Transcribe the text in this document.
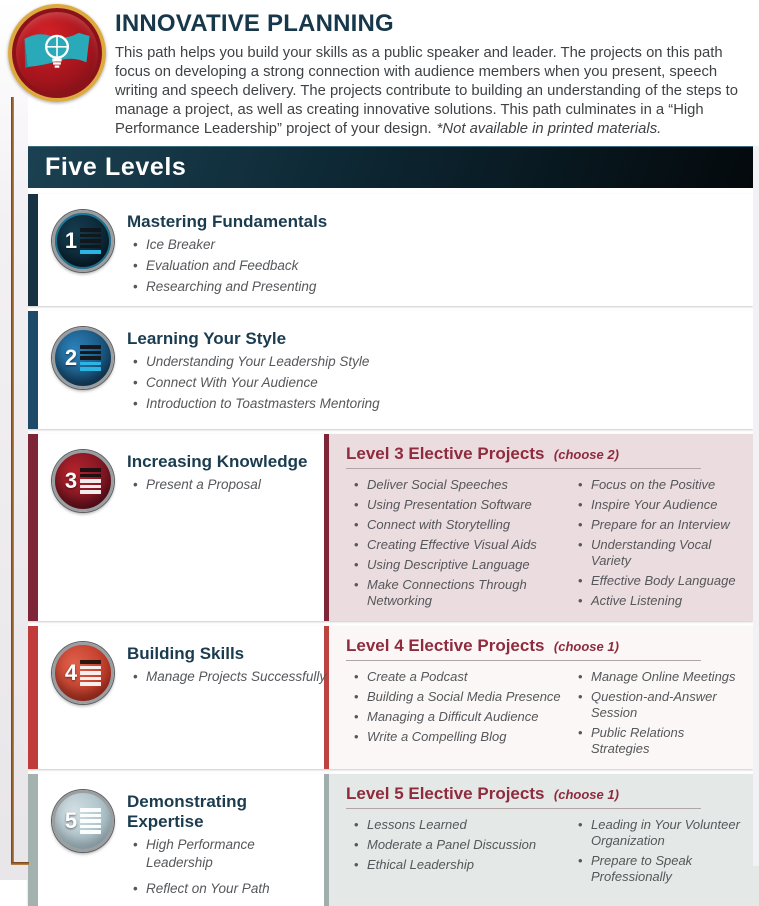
INNOVATIVE PLANNING

This path helps you build your skills as a public speaker and leader. The projects on this path focus on developing a strong connection with audience members when you present, speech writing and speech delivery. The projects contribute to building an understanding of the steps to manage a project, as well as creating innovative solutions. This path culminates in a “High Performance Leadership” project of your design. *Not available in printed materials.

Five Levels
1
Mastering Fundamentals
• Ice Breaker
• Evaluation and Feedback
• Researching and Presenting
2
Learning Your Style
• Understanding Your Leadership Style
• Connect With Your Audience
• Introduction to Toastmasters Mentoring
3
Increasing Knowledge
• Present a Proposal
Level 3 Elective Projects (choose 2)
• Deliver Social Speeches
• Using Presentation Software
• Connect with Storytelling
• Creating Effective Visual Aids
• Using Descriptive Language
• Make Connections Through Networking
• Focus on the Positive
• Inspire Your Audience
• Prepare for an Interview
• Understanding Vocal Variety
• Effective Body Language
• Active Listening
4
Building Skills
• Manage Projects Successfully
Level 4 Elective Projects (choose 1)
• Create a Podcast
• Building a Social Media Presence
• Managing a Difficult Audience
• Write a Compelling Blog
• Manage Online Meetings
• Question-and-Answer Session
• Public Relations Strategies
5
Demonstrating Expertise
• High Performance Leadership
• Reflect on Your Path
Level 5 Elective Projects (choose 1)
• Lessons Learned
• Moderate a Panel Discussion
• Ethical Leadership
• Leading in Your Volunteer Organization
• Prepare to Speak Professionally
